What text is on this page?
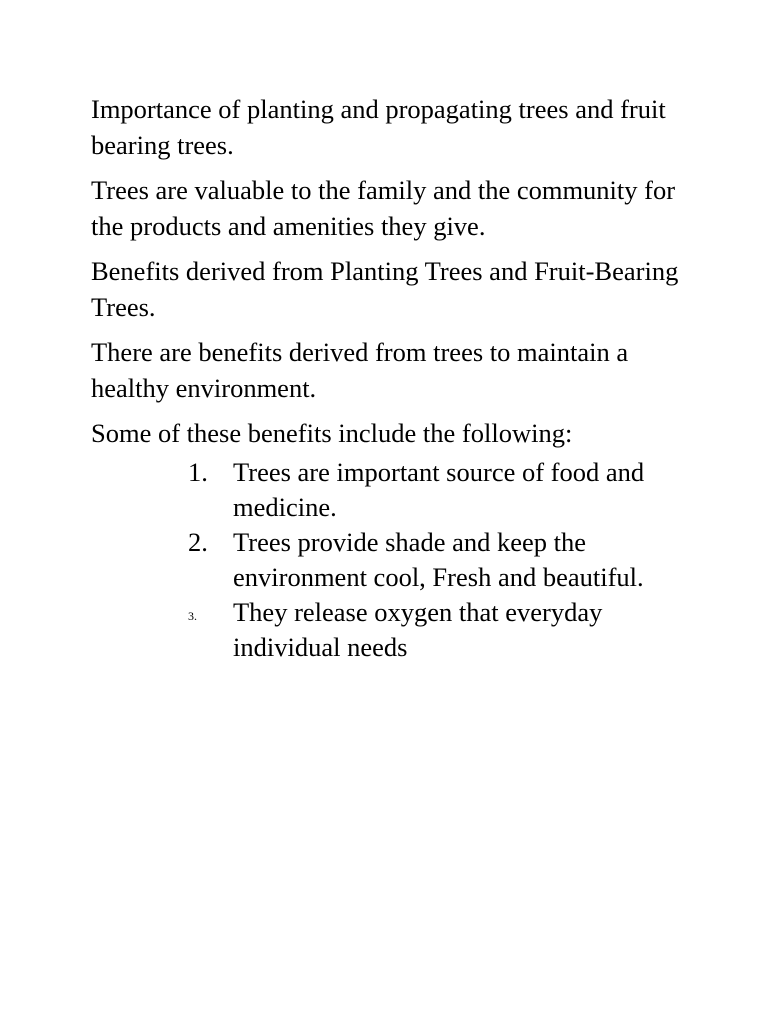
Importance of planting and propagating trees and fruit bearing trees.

Trees are valuable to the family and the community for the products and amenities they give.

Benefits derived from Planting Trees and Fruit-Bearing Trees.

There are benefits derived from trees to maintain a healthy environment.

Some of these benefits include the following:

1. Trees are important source of food and medicine.
2. Trees provide shade and keep the environment cool, Fresh and beautiful.
3. They release oxygen that everyday individual needs
